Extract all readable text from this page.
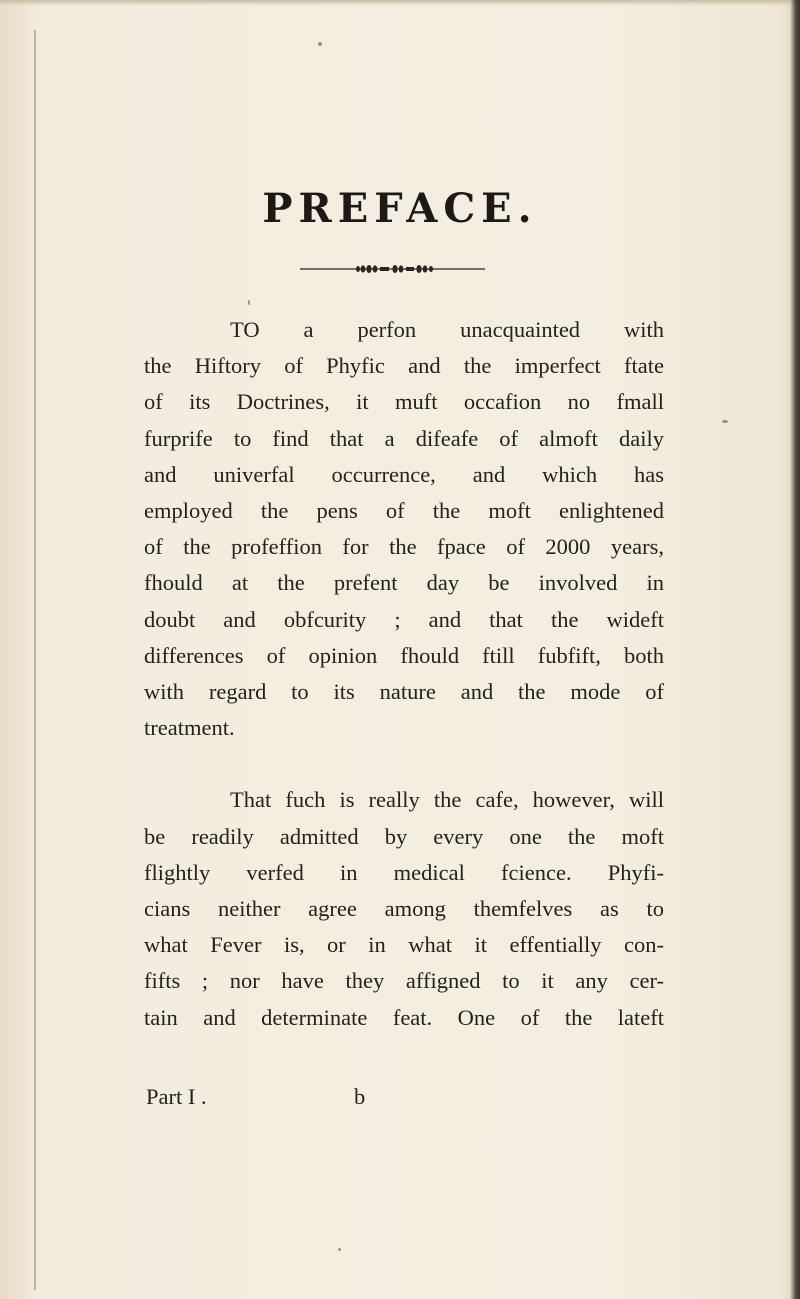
PREFACE.

TO a perfon unacquainted with
the Hiftory of Phyfic and the imperfect ftate
of its Doctrines, it muft occafion no fmall
furprife to find that a difeafe of almoft daily
and univerfal occurrence, and which has
employed the pens of the moft enlightened
of the profeffion for the fpace of 2000 years,
fhould at the prefent day be involved in
doubt and obfcurity ; and that the wideft
differences of opinion fhould ftill fubfift, both
with regard to its nature and the mode of
treatment.

That fuch is really the cafe, however, will
be readily admitted by every one the moft
flightly verfed in medical fcience. Phyfi-
cians neither agree among themfelves as to
what Fever is, or in what it effentially con-
fifts ; nor have they affigned to it any cer-
tain and determinate feat. One of the lateft

Part I .	b
